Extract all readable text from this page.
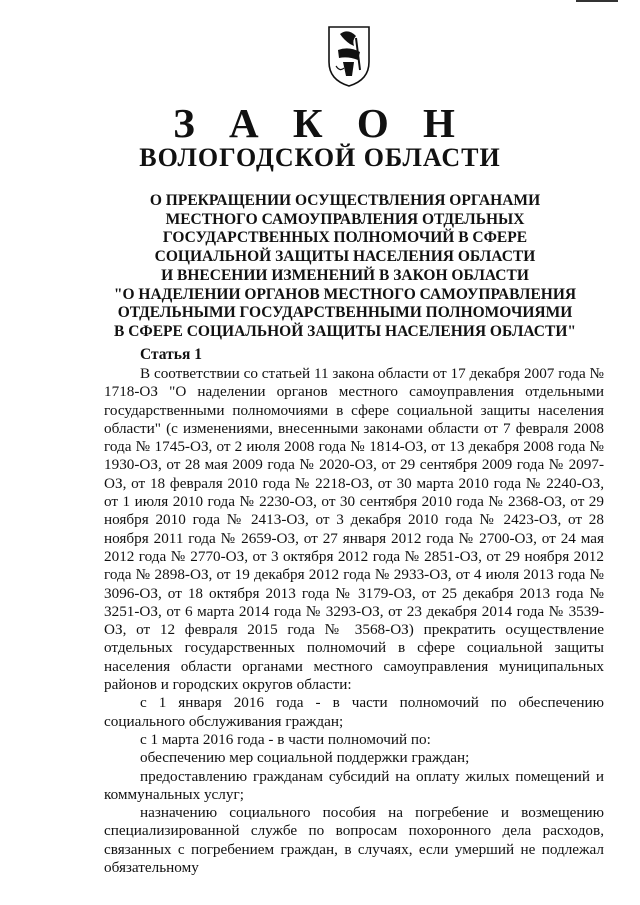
З А К О Н
ВОЛОГОДСКОЙ ОБЛАСТИ
О ПРЕКРАЩЕНИИ ОСУЩЕСТВЛЕНИЯ ОРГАНАМИ
МЕСТНОГО САМОУПРАВЛЕНИЯ ОТДЕЛЬНЫХ
ГОСУДАРСТВЕННЫХ ПОЛНОМОЧИЙ В СФЕРЕ
СОЦИАЛЬНОЙ ЗАЩИТЫ НАСЕЛЕНИЯ ОБЛАСТИ
И ВНЕСЕНИИ ИЗМЕНЕНИЙ В ЗАКОН ОБЛАСТИ
"О НАДЕЛЕНИИ ОРГАНОВ МЕСТНОГО САМОУПРАВЛЕНИЯ
ОТДЕЛЬНЫМИ ГОСУДАРСТВЕННЫМИ ПОЛНОМОЧИЯМИ
В СФЕРЕ СОЦИАЛЬНОЙ ЗАЩИТЫ НАСЕЛЕНИЯ ОБЛАСТИ"
Статья 1

В соответствии со статьей 11 закона области от 17 декабря 2007 года № 1718-ОЗ "О наделении органов местного самоуправления отдельными государственными полномочиями в сфере социальной защиты населения области" (с изменениями, внесенными законами области от 7 февраля 2008 года № 1745-ОЗ, от 2 июля 2008 года № 1814-ОЗ, от 13 декабря 2008 года № 1930-ОЗ, от 28 мая 2009 года № 2020-ОЗ, от 29 сентября 2009 года № 2097-ОЗ, от 18 февраля 2010 года № 2218-ОЗ, от 30 марта 2010 года № 2240-ОЗ, от 1 июля 2010 года № 2230-ОЗ, от 30 сентября 2010 года № 2368-ОЗ, от 29 ноября 2010 года № 2413-ОЗ, от 3 декабря 2010 года № 2423-ОЗ, от 28 ноября 2011 года № 2659-ОЗ, от 27 января 2012 года № 2700-ОЗ, от 24 мая 2012 года № 2770-ОЗ, от 3 октября 2012 года № 2851-ОЗ, от 29 ноября 2012 года № 2898-ОЗ, от 19 декабря 2012 года № 2933-ОЗ, от 4 июля 2013 года № 3096-ОЗ, от 18 октября 2013 года № 3179-ОЗ, от 25 декабря 2013 года № 3251-ОЗ, от 6 марта 2014 года № 3293-ОЗ, от 23 декабря 2014 года № 3539-ОЗ, от 12 февраля 2015 года № 3568-ОЗ) прекратить осуществление отдельных государственных полномочий в сфере социальной защиты населения области органами местного самоуправления муниципальных районов и городских округов области:

с 1 января 2016 года - в части полномочий по обеспечению социального обслуживания граждан;

с 1 марта 2016 года - в части полномочий по:

обеспечению мер социальной поддержки граждан;

предоставлению гражданам субсидий на оплату жилых помещений и коммунальных услуг;

назначению социального пособия на погребение и возмещению специализированной службе по вопросам похоронного дела расходов, связанных с погребением граждан, в случаях, если умерший не подлежал обязательному
